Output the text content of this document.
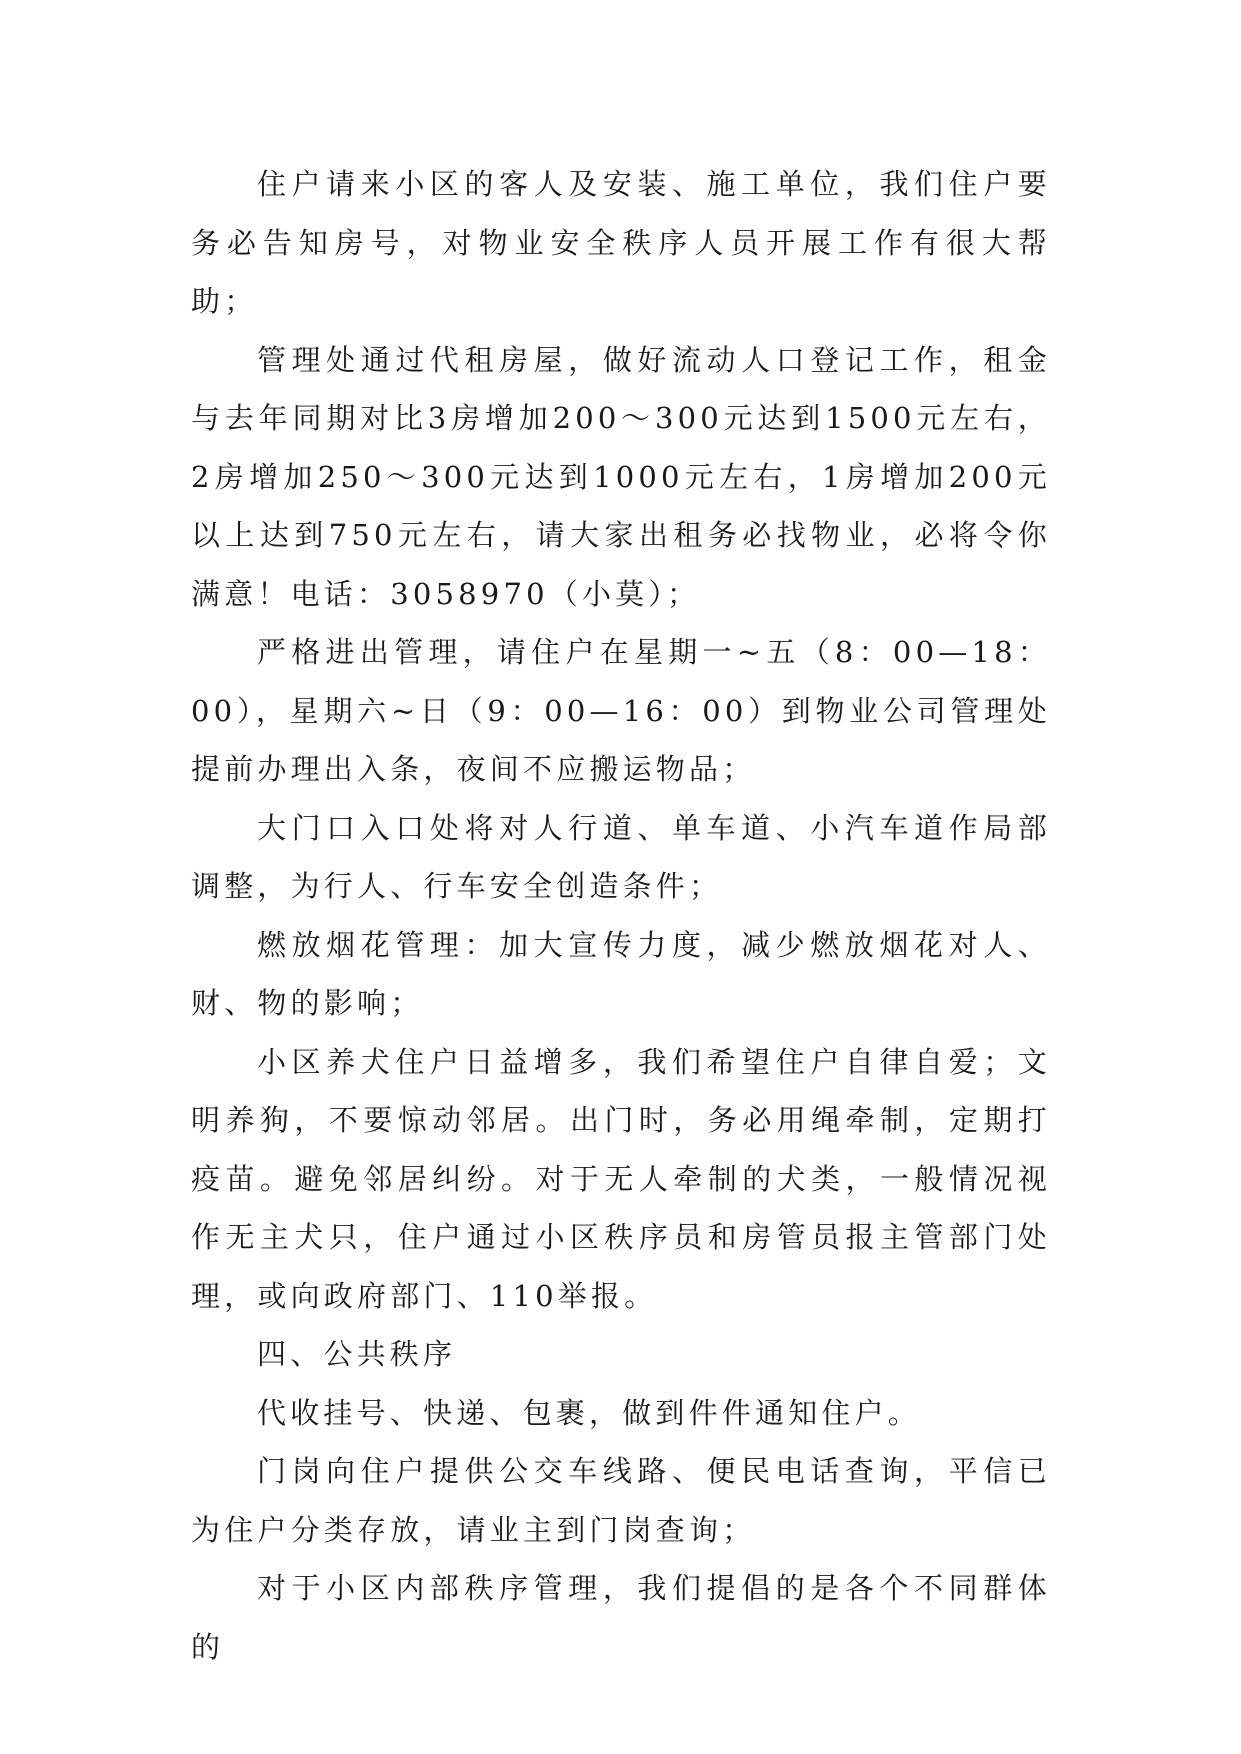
住户请来小区的客人及安装、施工单位，我们住户要务必告知房号，对物业安全秩序人员开展工作有很大帮助；

管理处通过代租房屋，做好流动人口登记工作，租金与去年同期对比3房增加200～300元达到1500元左右，2房增加250～300元达到1000元左右，1房增加200元以上达到750元左右，请大家出租务必找物业，必将令你满意！电话：3058970（小莫）；

严格进出管理，请住户在星期一~五（8：00—18：00），星期六~日（9：00—16：00）到物业公司管理处提前办理出入条，夜间不应搬运物品；

大门口入口处将对人行道、单车道、小汽车道作局部调整，为行人、行车安全创造条件；

燃放烟花管理：加大宣传力度，减少燃放烟花对人、财、物的影响；

小区养犬住户日益增多，我们希望住户自律自爱；文明养狗，不要惊动邻居。出门时，务必用绳牵制，定期打疫苗。避免邻居纠纷。对于无人牵制的犬类，一般情况视作无主犬只，住户通过小区秩序员和房管员报主管部门处理，或向政府部门、110举报。

四、公共秩序

代收挂号、快递、包裹，做到件件通知住户。

门岗向住户提供公交车线路、便民电话查询，平信已为住户分类存放，请业主到门岗查询；

对于小区内部秩序管理，我们提倡的是各个不同群体的
